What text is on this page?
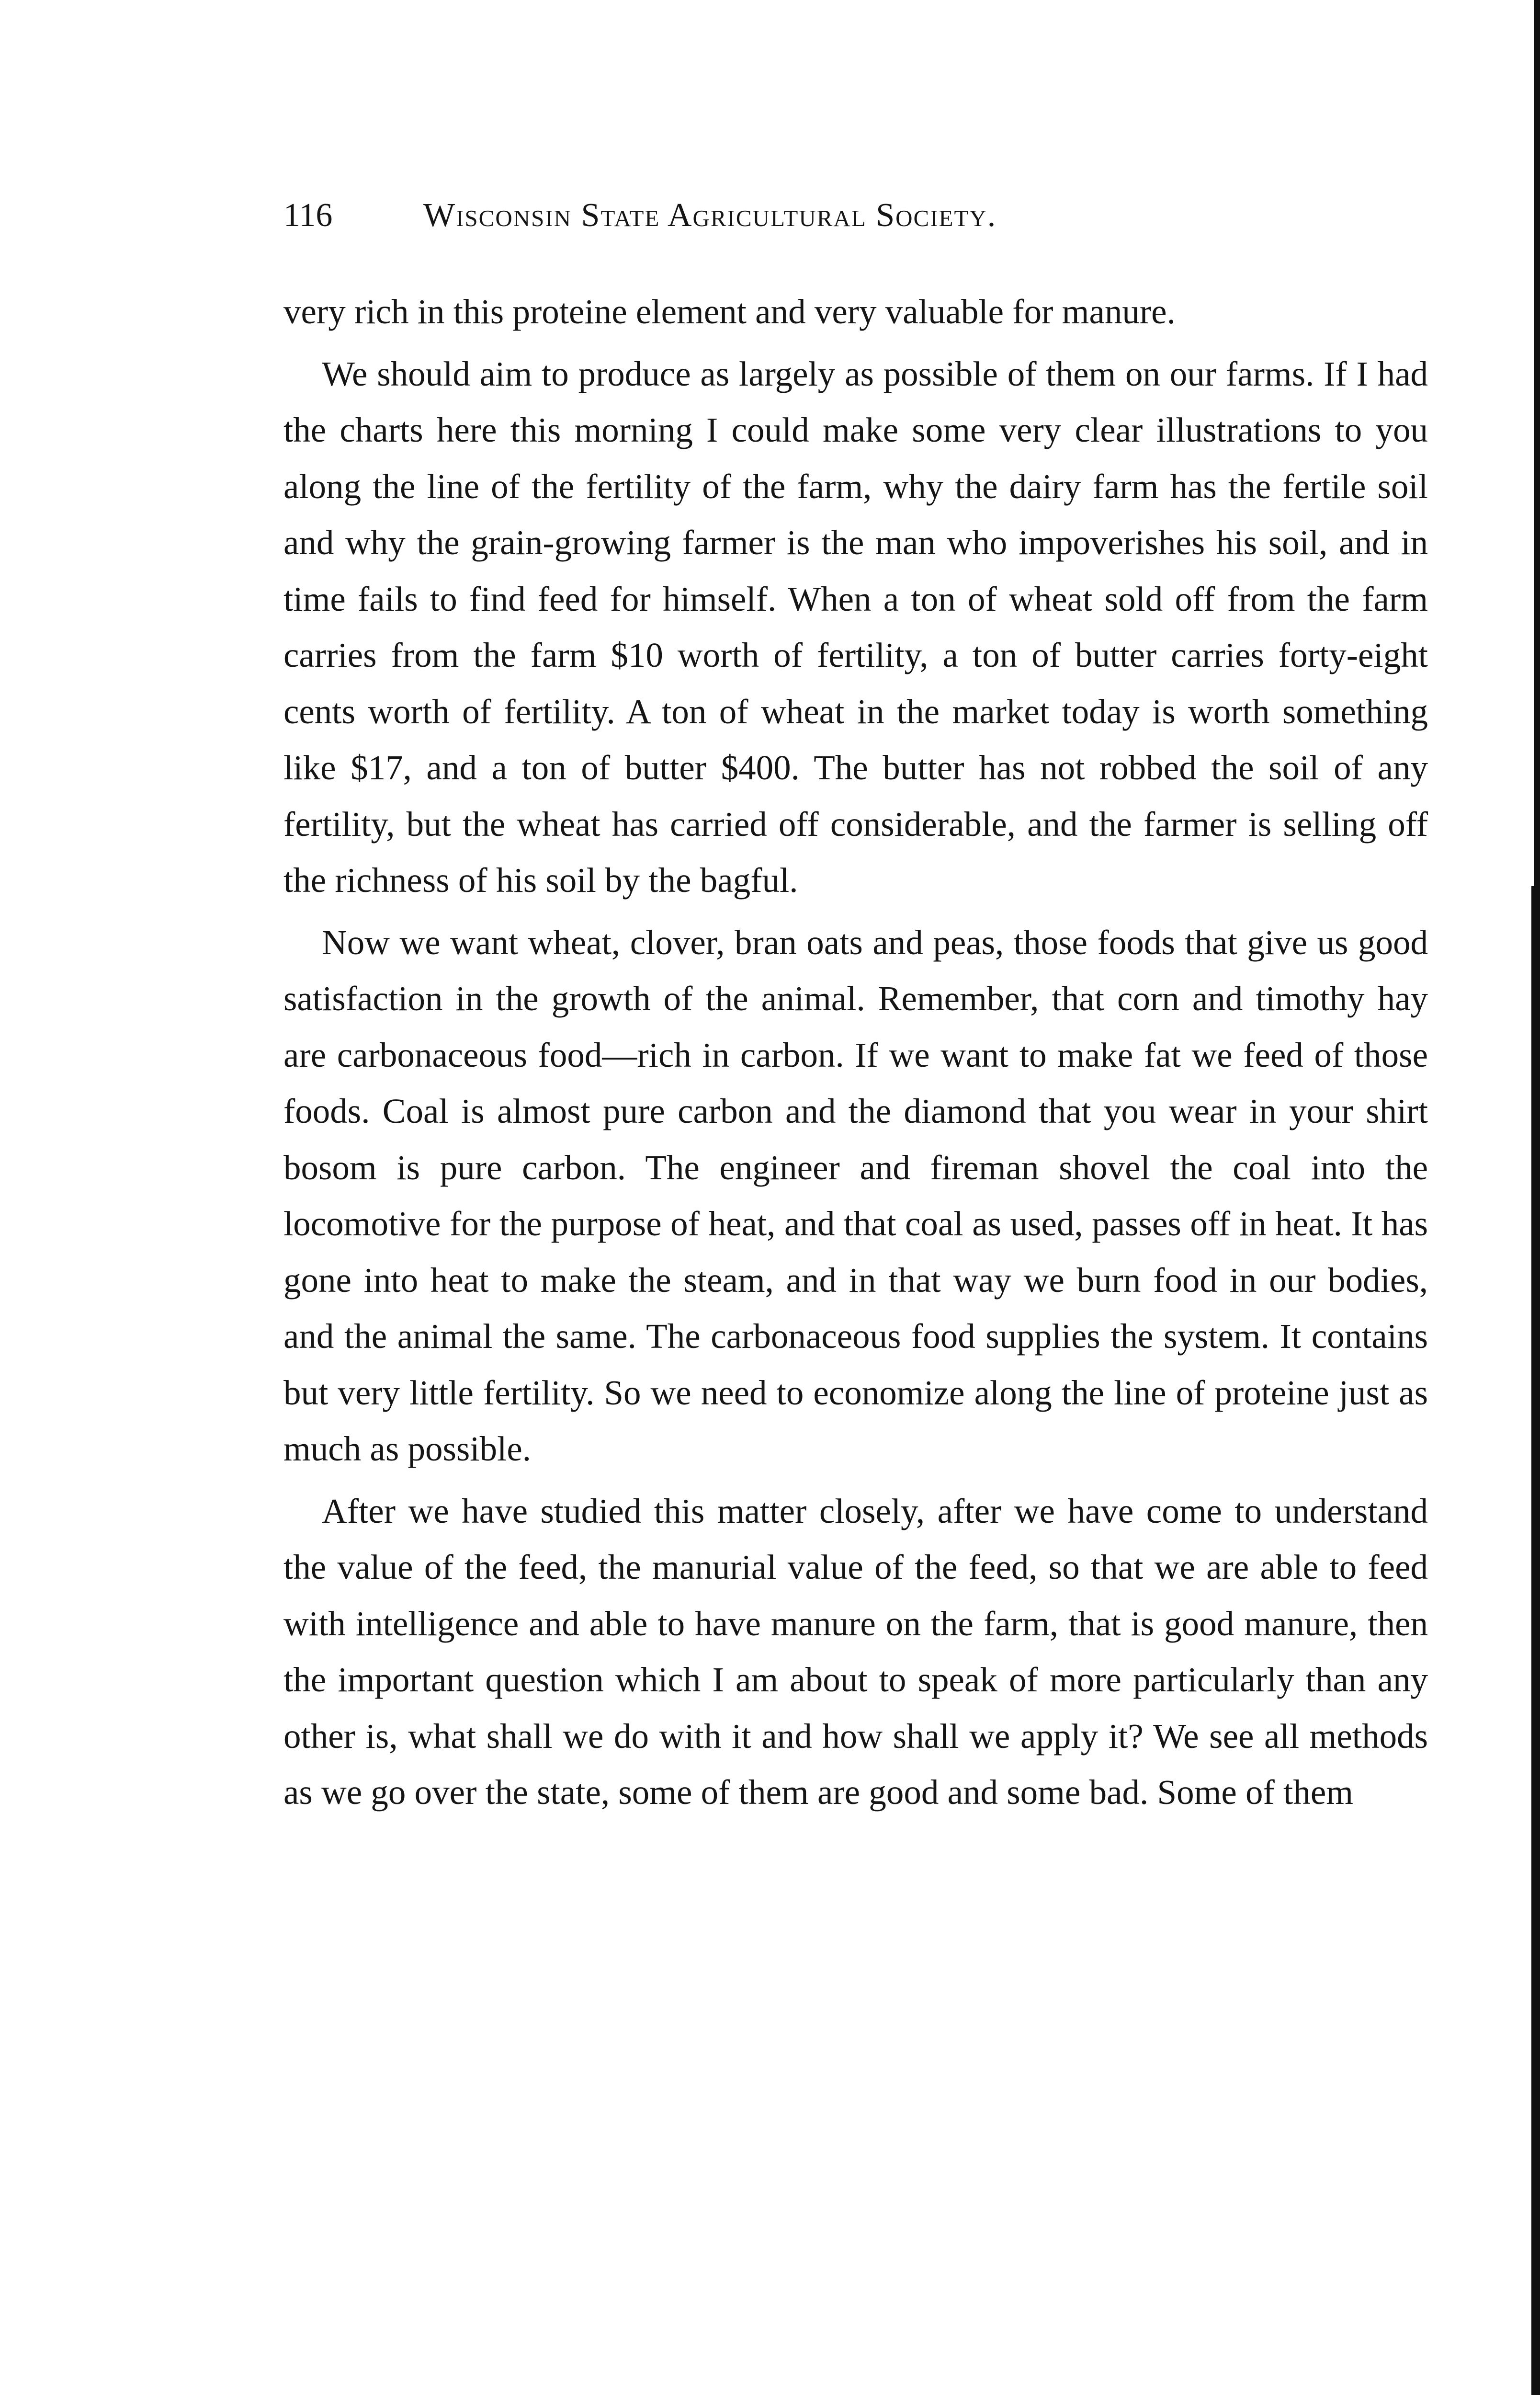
116	Wisconsin State Agricultural Society.

very rich in this proteine element and very valuable for manure.

We should aim to produce as largely as possible of them on our farms. If I had the charts here this morning I could make some very clear illustrations to you along the line of the fertility of the farm, why the dairy farm has the fertile soil and why the grain-growing farmer is the man who impoverishes his soil, and in time fails to find feed for himself. When a ton of wheat sold off from the farm carries from the farm $10 worth of fertility, a ton of butter carries forty-eight cents worth of fertility. A ton of wheat in the market today is worth something like $17, and a ton of butter $400. The butter has not robbed the soil of any fertility, but the wheat has carried off considerable, and the farmer is selling off the richness of his soil by the bagful.

Now we want wheat, clover, bran oats and peas, those foods that give us good satisfaction in the growth of the animal. Remember, that corn and timothy hay are carbonaceous food—rich in carbon. If we want to make fat we feed of those foods. Coal is almost pure carbon and the diamond that you wear in your shirt bosom is pure carbon. The engineer and fireman shovel the coal into the locomotive for the purpose of heat, and that coal as used, passes off in heat. It has gone into heat to make the steam, and in that way we burn food in our bodies, and the animal the same. The carbonaceous food supplies the system. It contains but very little fertility. So we need to economize along the line of proteine just as much as possible.

After we have studied this matter closely, after we have come to understand the value of the feed, the manurial value of the feed, so that we are able to feed with intelligence and able to have manure on the farm, that is good manure, then the important question which I am about to speak of more particularly than any other is, what shall we do with it and how shall we apply it? We see all methods as we go over the state, some of them are good and some bad. Some of them
